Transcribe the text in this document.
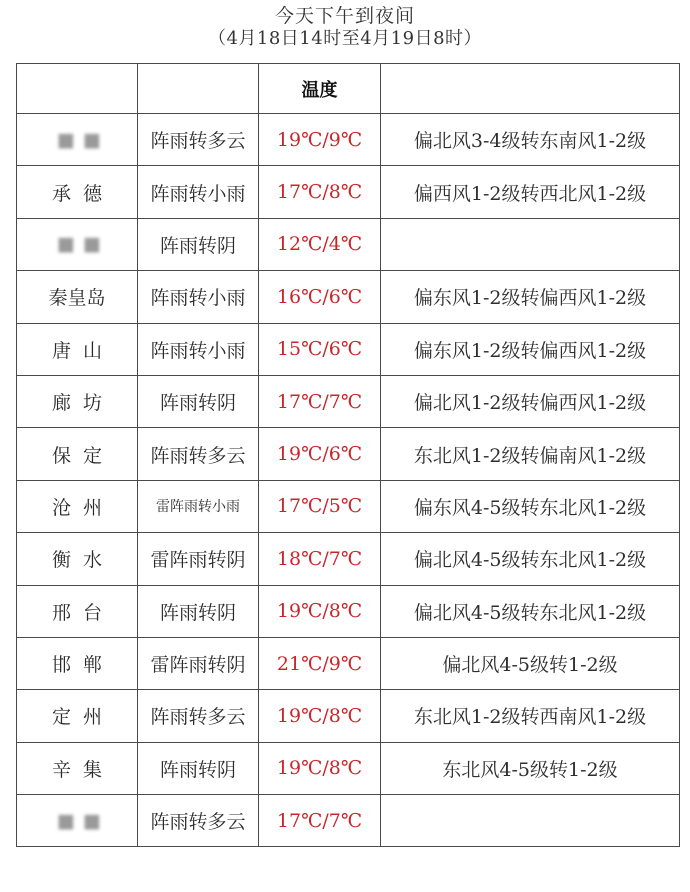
今天下午到夜间
（4月18日14时至4月19日8时）
		温度	
■■	阵雨转多云	19℃/9℃	偏北风3-4级转东南风1-2级
承德	阵雨转小雨	17℃/8℃	偏西风1-2级转西北风1-2级
■■	阵雨转阴	12℃/4℃	
秦皇岛	阵雨转小雨	16℃/6℃	偏东风1-2级转偏西风1-2级
唐山	阵雨转小雨	15℃/6℃	偏东风1-2级转偏西风1-2级
廊坊	阵雨转阴	17℃/7℃	偏北风1-2级转偏西风1-2级
保定	阵雨转多云	19℃/6℃	东北风1-2级转偏南风1-2级
沧州	雷阵雨转小雨	17℃/5℃	偏东风4-5级转东北风1-2级
衡水	雷阵雨转阴	18℃/7℃	偏北风4-5级转东北风1-2级
邢台	阵雨转阴	19℃/8℃	偏北风4-5级转东北风1-2级
邯郸	雷阵雨转阴	21℃/9℃	偏北风4-5级转1-2级
定州	阵雨转多云	19℃/8℃	东北风1-2级转西南风1-2级
辛集	阵雨转阴	19℃/8℃	东北风4-5级转1-2级
■■	阵雨转多云	17℃/7℃	
